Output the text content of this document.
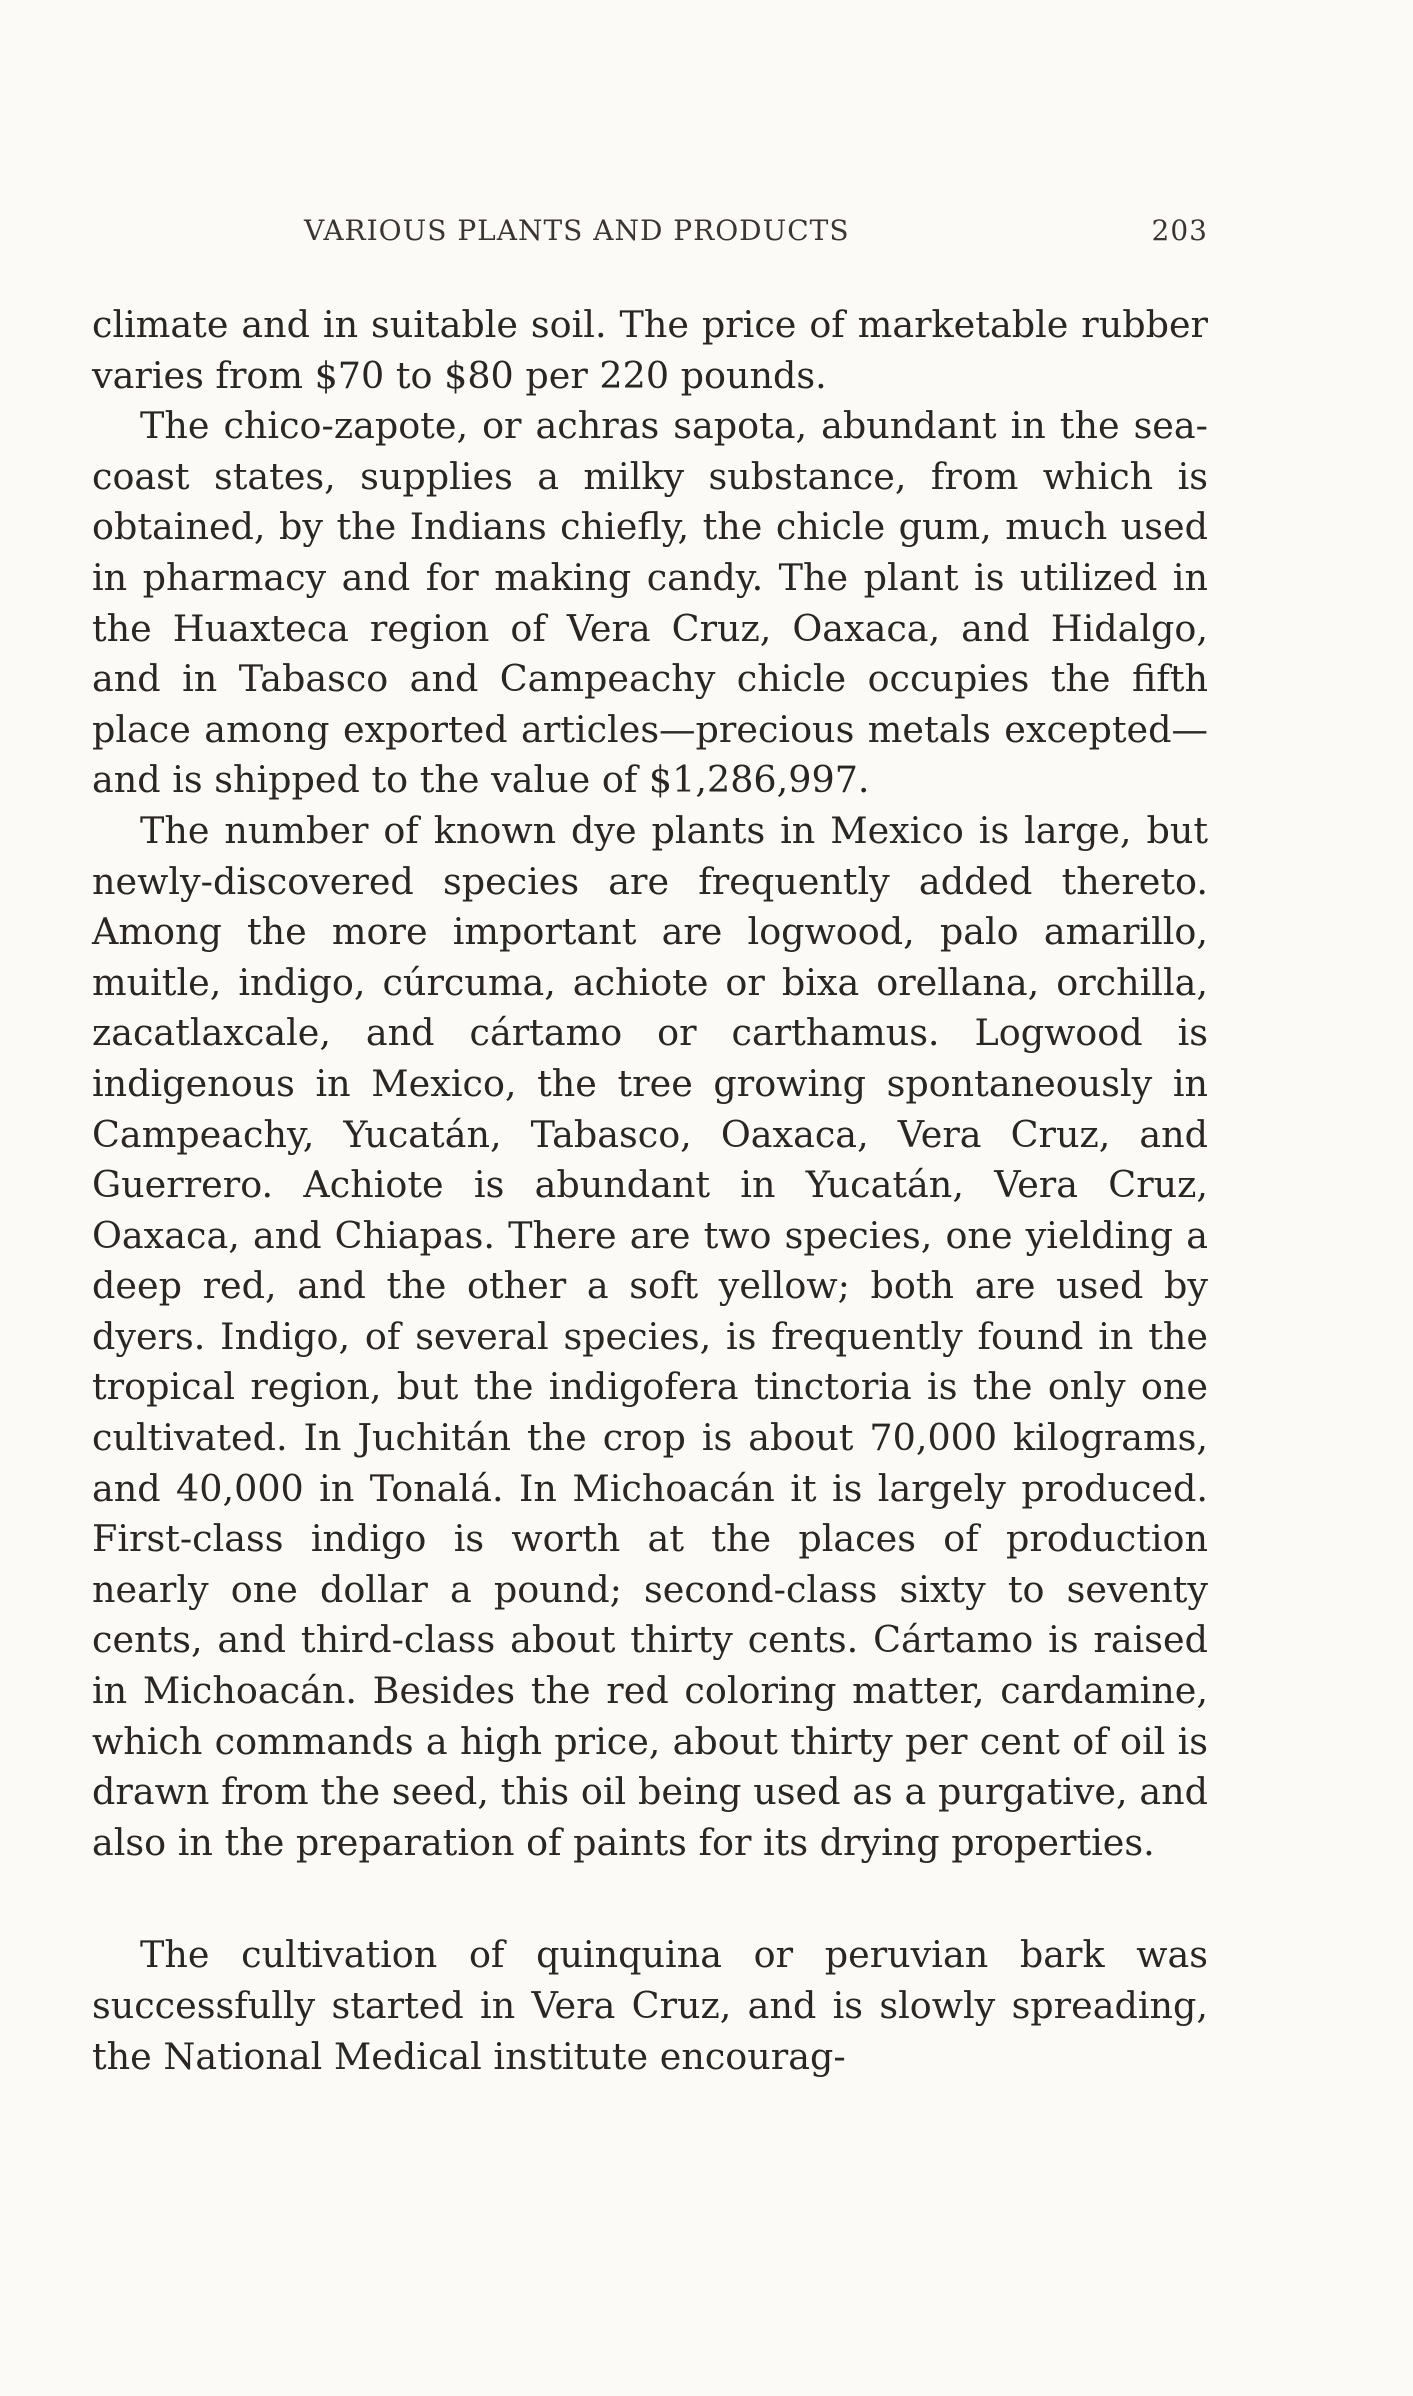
VARIOUS PLANTS AND PRODUCTS	203

climate and in suitable soil. The price of marketable rubber varies from $70 to $80 per 220 pounds.

The chico-zapote, or achras sapota, abundant in the sea-coast states, supplies a milky substance, from which is obtained, by the Indians chiefly, the chicle gum, much used in pharmacy and for making candy. The plant is utilized in the Huaxteca region of Vera Cruz, Oaxaca, and Hidalgo, and in Tabasco and Campeachy chicle occupies the fifth place among exported articles—precious metals excepted—and is shipped to the value of $1,286,997.

The number of known dye plants in Mexico is large, but newly-discovered species are frequently added thereto. Among the more important are logwood, palo amarillo, muitle, indigo, cúrcuma, achiote or bixa orellana, orchilla, zacatlaxcale, and cártamo or carthamus. Logwood is indigenous in Mexico, the tree growing spontaneously in Campeachy, Yucatán, Tabasco, Oaxaca, Vera Cruz, and Guerrero. Achiote is abundant in Yucatán, Vera Cruz, Oaxaca, and Chiapas. There are two species, one yielding a deep red, and the other a soft yellow; both are used by dyers. Indigo, of several species, is frequently found in the tropical region, but the indigofera tinctoria is the only one cultivated. In Juchitán the crop is about 70,000 kilograms, and 40,000 in Tonalá. In Michoacán it is largely produced. First-class indigo is worth at the places of production nearly one dollar a pound; second-class sixty to seventy cents, and third-class about thirty cents. Cártamo is raised in Michoacán. Besides the red coloring matter, cardamine, which commands a high price, about thirty per cent of oil is drawn from the seed, this oil being used as a purgative, and also in the preparation of paints for its drying properties.

The cultivation of quinquina or peruvian bark was successfully started in Vera Cruz, and is slowly spreading, the National Medical institute encourag-
